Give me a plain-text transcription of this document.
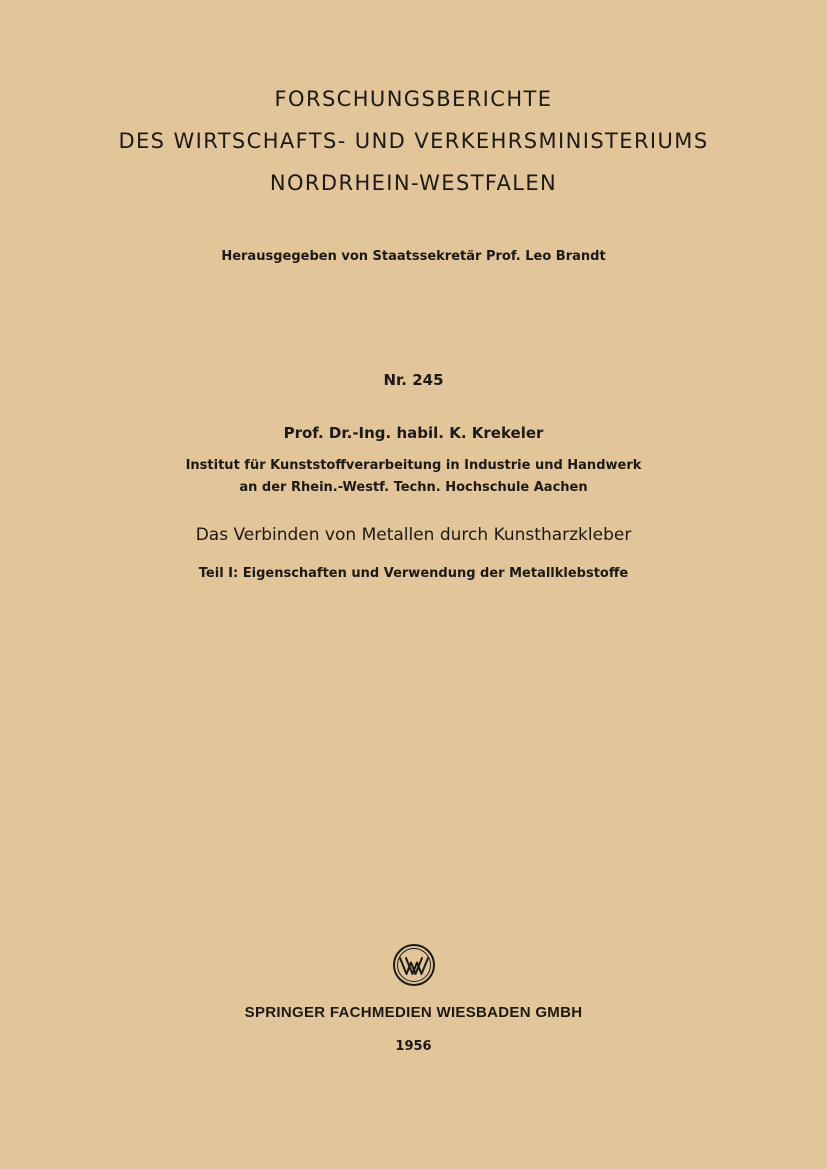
FORSCHUNGSBERICHTE
DES WIRTSCHAFTS- UND VERKEHRSMINISTERIUMS
NORDRHEIN-WESTFALEN
Herausgegeben von Staatssekretär Prof. Leo Brandt
Nr. 245
Prof. Dr.-Ing. habil. K. Krekeler
Institut für Kunststoffverarbeitung in Industrie und Handwerk
an der Rhein.-Westf. Techn. Hochschule Aachen
Das Verbinden von Metallen durch Kunstharzkleber
Teil I: Eigenschaften und Verwendung der Metallklebstoffe
SPRINGER FACHMEDIEN WIESBADEN GMBH
1956
